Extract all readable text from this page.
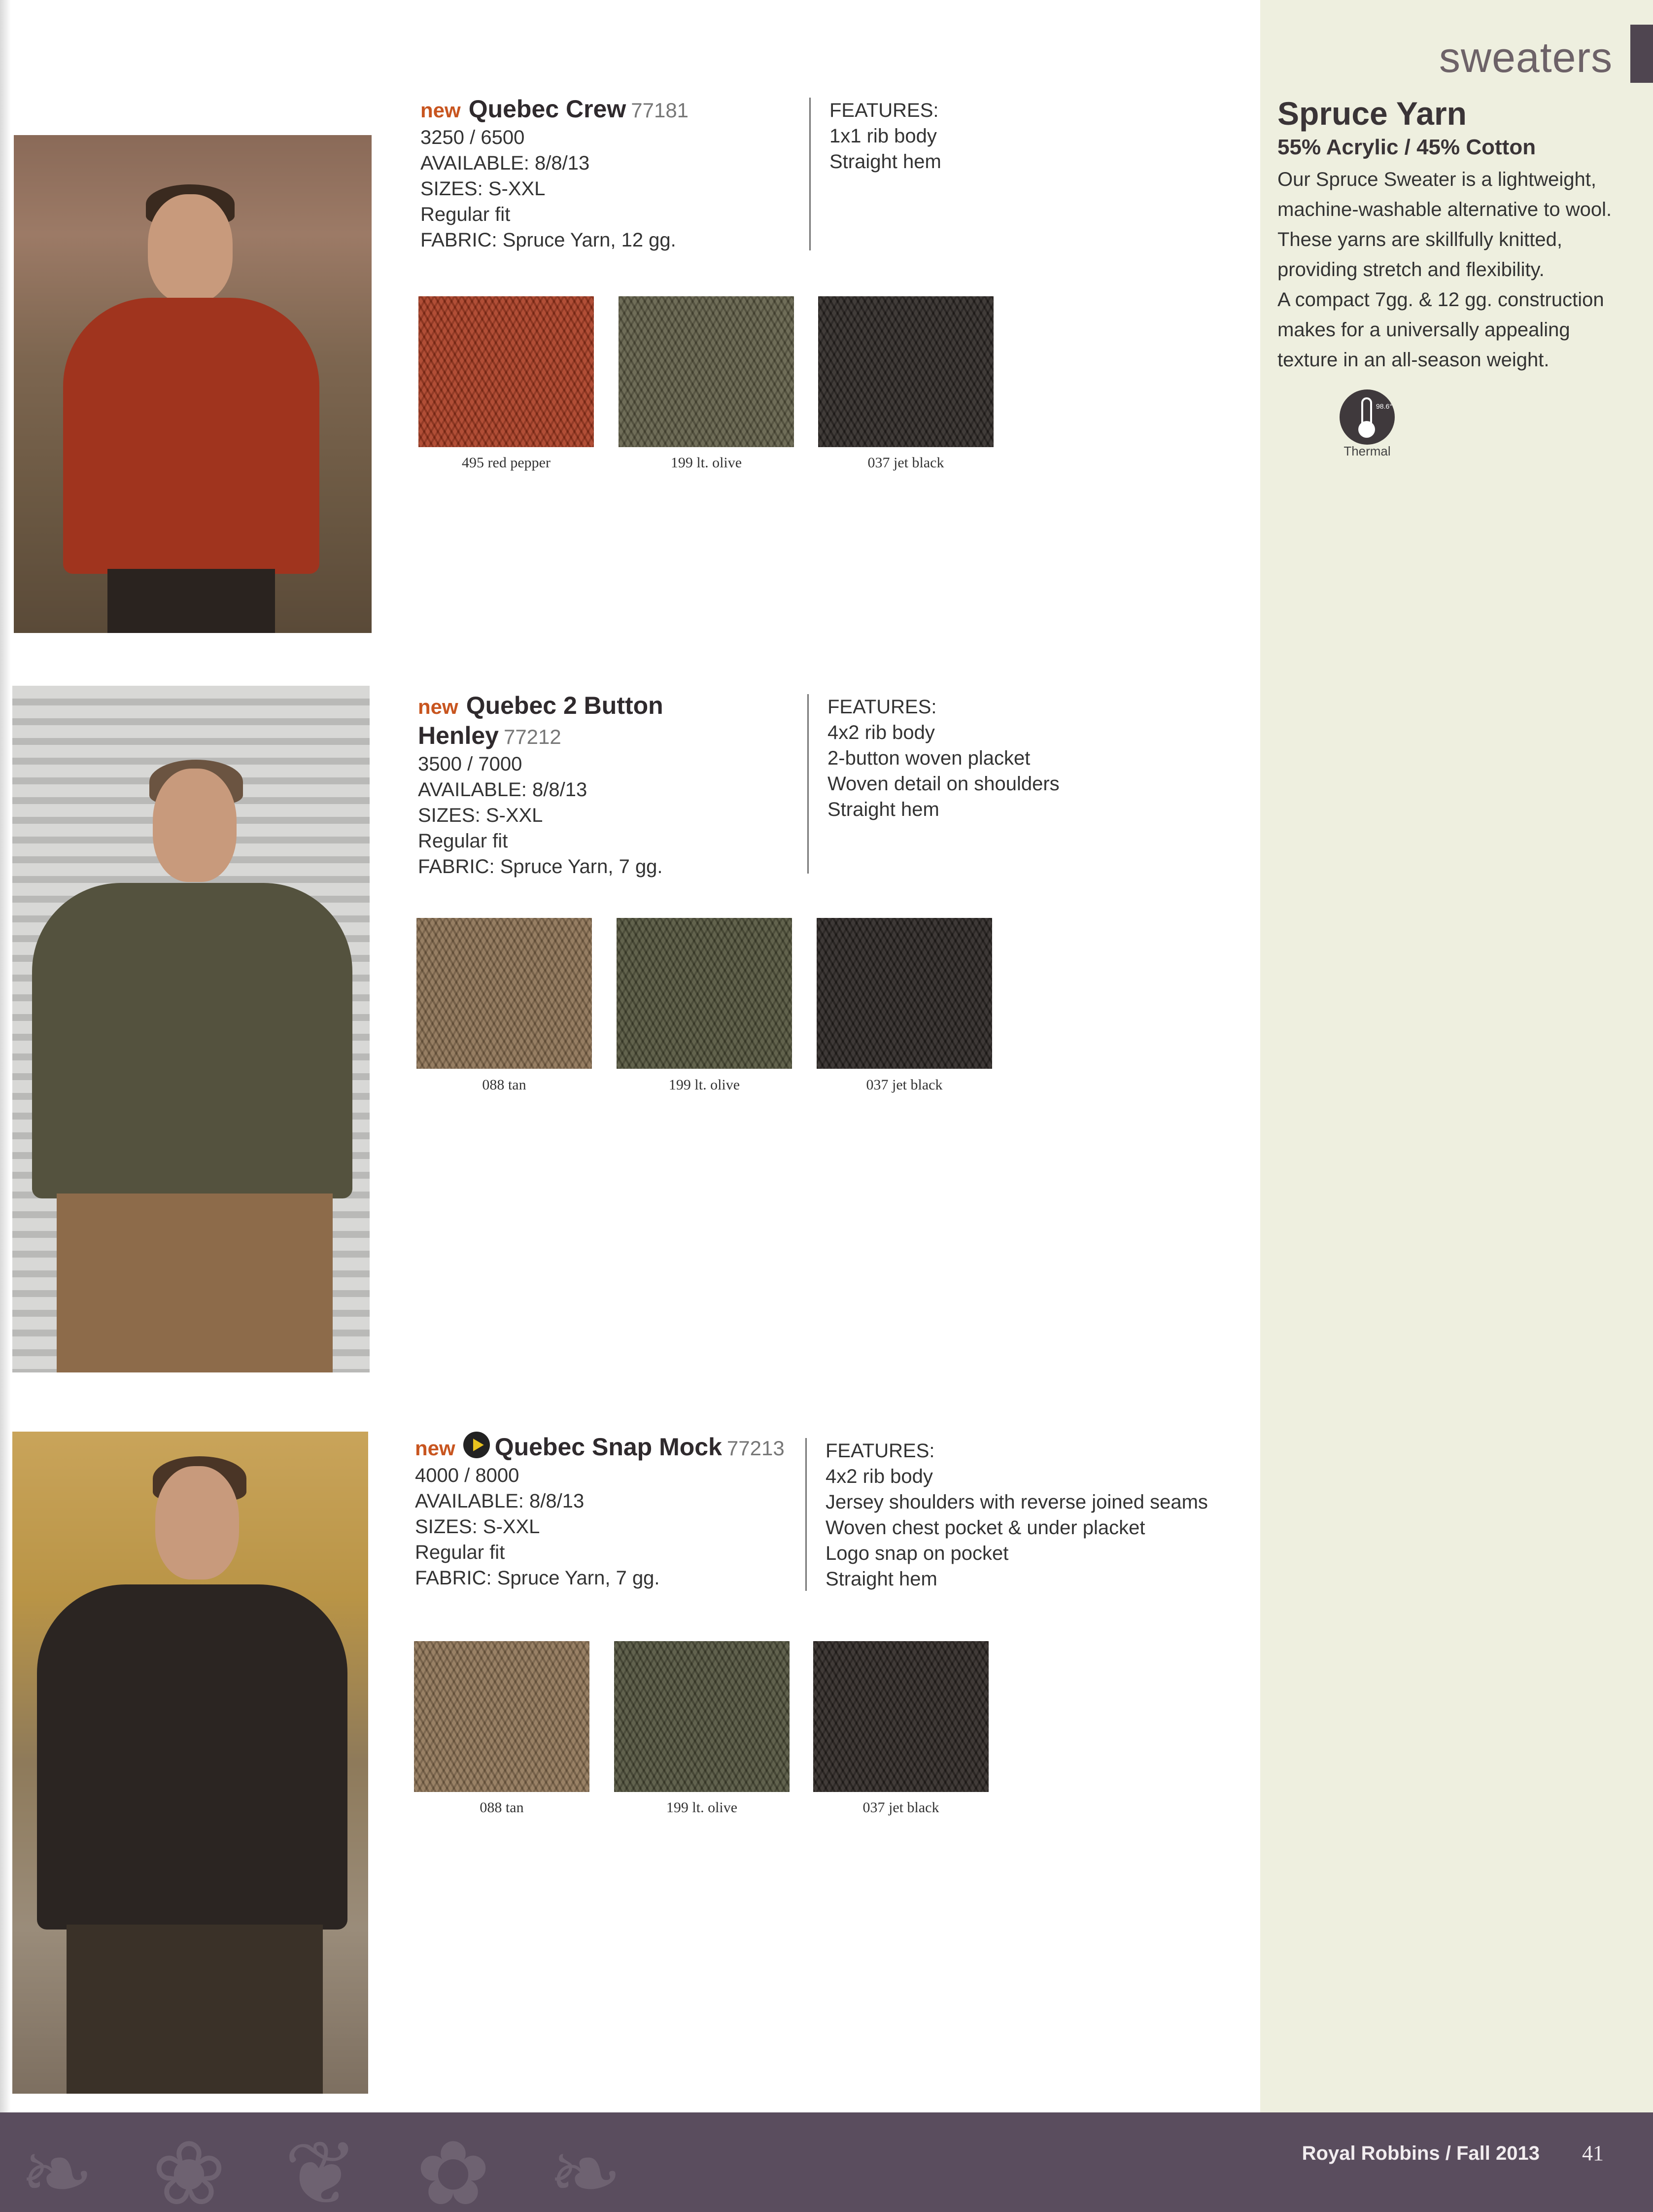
sweaters
Spruce Yarn
55% Acrylic / 45% Cotton

Our Spruce Sweater is a lightweight, machine-washable alternative to wool. These yarns are skillfully knitted, providing stretch and flexibility.

A compact 7gg. & 12 gg. construction makes for a universally appealing texture in an all-season weight.

98.6°
Thermal
new Quebec Crew 77181
3250 / 6500
AVAILABLE: 8/8/13
SIZES: S-XXL
Regular fit
FABRIC: Spruce Yarn, 12 gg.
FEATURES:
1x1 rib body
Straight hem
495 red pepper	199 lt. olive	037 jet black
new Quebec 2 Button
Henley 77212
3500 / 7000
AVAILABLE: 8/8/13
SIZES: S-XXL
Regular fit
FABRIC: Spruce Yarn, 7 gg.
FEATURES:
4x2 rib body
2-button woven placket
Woven detail on shoulders
Straight hem
088 tan	199 lt. olive	037 jet black
new Quebec Snap Mock 77213
4000 / 8000
AVAILABLE: 8/8/13
SIZES: S-XXL
Regular fit
FABRIC: Spruce Yarn, 7 gg.
FEATURES:
4x2 rib body
Jersey shoulders with reverse joined seams
Woven chest pocket & under placket
Logo snap on pocket
Straight hem
088 tan	199 lt. olive	037 jet black
❧ ❀ ❦ ✿ ❧	Royal Robbins / Fall 2013 41
